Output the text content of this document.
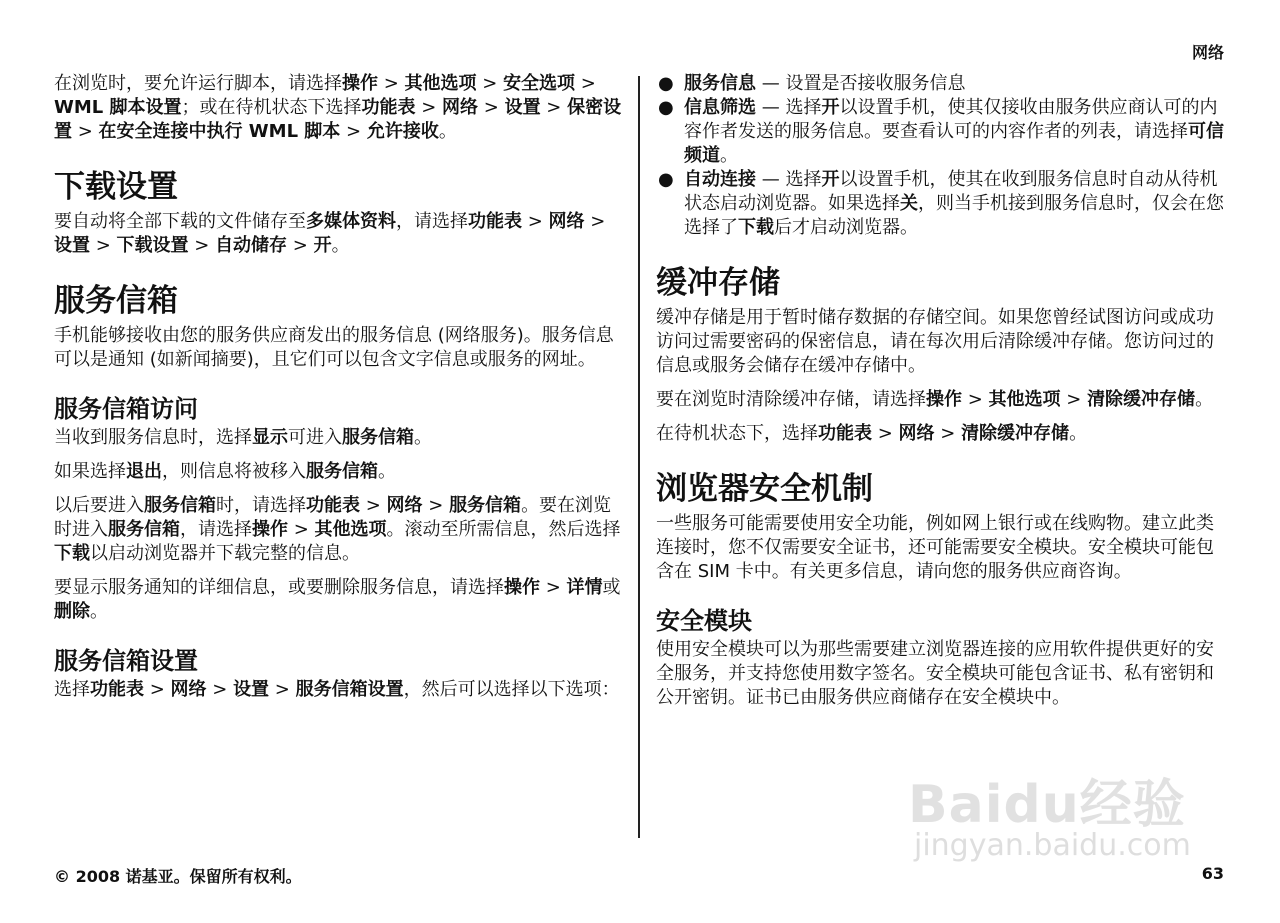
网络

在浏览时，要允许运行脚本，请选择操作 > 其他选项 > 安全选项 > WML 脚本设置；或在待机状态下选择功能表 > 网络 > 设置 > 保密设置 > 在安全连接中执行 WML 脚本 > 允许接收。

下载设置

要自动将全部下载的文件储存至多媒体资料，请选择功能表 > 网络 > 设置 > 下载设置 > 自动储存 > 开。

服务信箱

手机能够接收由您的服务供应商发出的服务信息 (网络服务)。服务信息可以是通知 (如新闻摘要)，且它们可以包含文字信息或服务的网址。

服务信箱访问

当收到服务信息时，选择显示可进入服务信箱。

如果选择退出，则信息将被移入服务信箱。

以后要进入服务信箱时，请选择功能表 > 网络 > 服务信箱。要在浏览时进入服务信箱，请选择操作 > 其他选项。滚动至所需信息，然后选择下载以启动浏览器并下载完整的信息。

要显示服务通知的详细信息，或要删除服务信息，请选择操作 > 详情或删除。

服务信箱设置

选择功能表 > 网络 > 设置 > 服务信箱设置，然后可以选择以下选项：

● 服务信息 — 设置是否接收服务信息
● 信息筛选 — 选择开以设置手机，使其仅接收由服务供应商认可的内容作者发送的服务信息。要查看认可的内容作者的列表，请选择可信频道。
● 自动连接 — 选择开以设置手机，使其在收到服务信息时自动从待机状态启动浏览器。如果选择关，则当手机接到服务信息时，仅会在您选择了下载后才启动浏览器。
缓冲存储

缓冲存储是用于暂时储存数据的存储空间。如果您曾经试图访问或成功访问过需要密码的保密信息，请在每次用后清除缓冲存储。您访问过的信息或服务会储存在缓冲存储中。

要在浏览时清除缓冲存储，请选择操作 > 其他选项 > 清除缓冲存储。

在待机状态下，选择功能表 > 网络 > 清除缓冲存储。

浏览器安全机制

一些服务可能需要使用安全功能，例如网上银行或在线购物。建立此类连接时，您不仅需要安全证书，还可能需要安全模块。安全模块可能包含在 SIM 卡中。有关更多信息，请向您的服务供应商咨询。

安全模块

使用安全模块可以为那些需要建立浏览器连接的应用软件提供更好的安全服务，并支持您使用数字签名。安全模块可能包含证书、私有密钥和公开密钥。证书已由服务供应商储存在安全模块中。

Baidu经验
jingyan.baidu.com
© 2008 诺基亚。保留所有权利。	63
